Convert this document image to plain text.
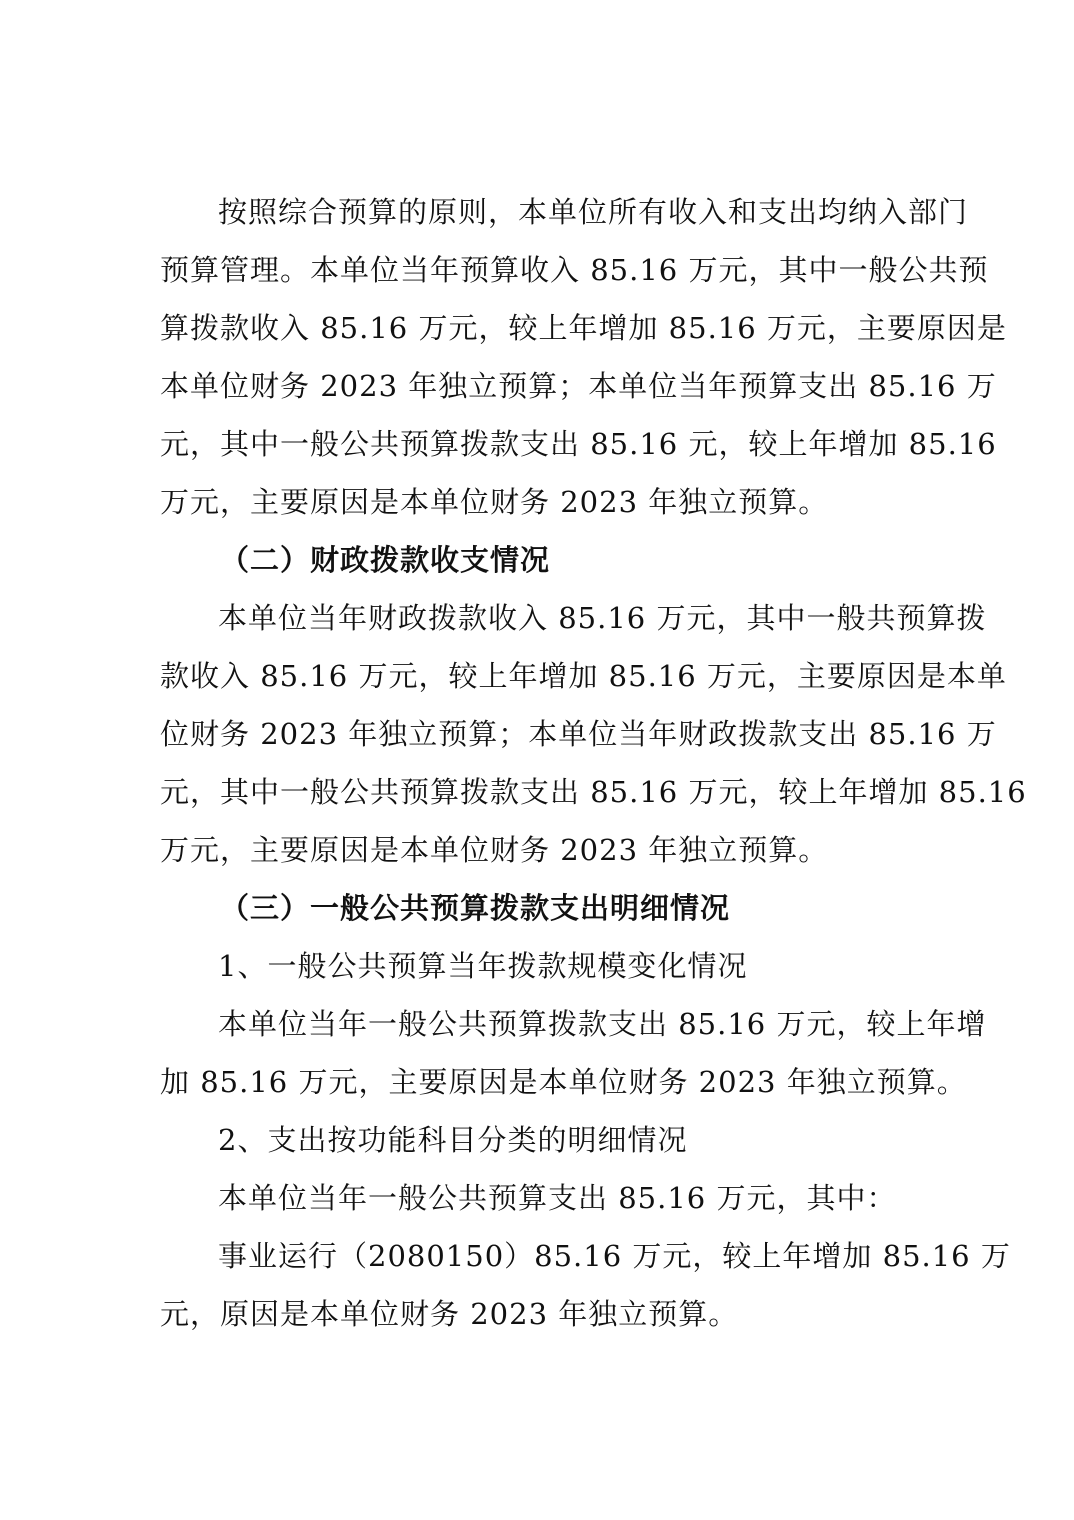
按照综合预算的原则，本单位所有收入和支出均纳入部门
预算管理。本单位当年预算收入 85.16 万元，其中一般公共预
算拨款收入 85.16 万元，较上年增加 85.16 万元，主要原因是
本单位财务 2023 年独立预算；本单位当年预算支出 85.16 万
元，其中一般公共预算拨款支出 85.16 元，较上年增加 85.16
万元，主要原因是本单位财务 2023 年独立预算。
（二）财政拨款收支情况
本单位当年财政拨款收入 85.16 万元，其中一般共预算拨
款收入 85.16 万元，较上年增加 85.16 万元，主要原因是本单
位财务 2023 年独立预算；本单位当年财政拨款支出 85.16 万
元，其中一般公共预算拨款支出 85.16 万元，较上年增加 85.16
万元，主要原因是本单位财务 2023 年独立预算。
（三）一般公共预算拨款支出明细情况
1、一般公共预算当年拨款规模变化情况
本单位当年一般公共预算拨款支出 85.16 万元，较上年增
加 85.16 万元，主要原因是本单位财务 2023 年独立预算。
2、支出按功能科目分类的明细情况
本单位当年一般公共预算支出 85.16 万元，其中：
事业运行（2080150）85.16 万元，较上年增加 85.16 万
元，原因是本单位财务 2023 年独立预算。
